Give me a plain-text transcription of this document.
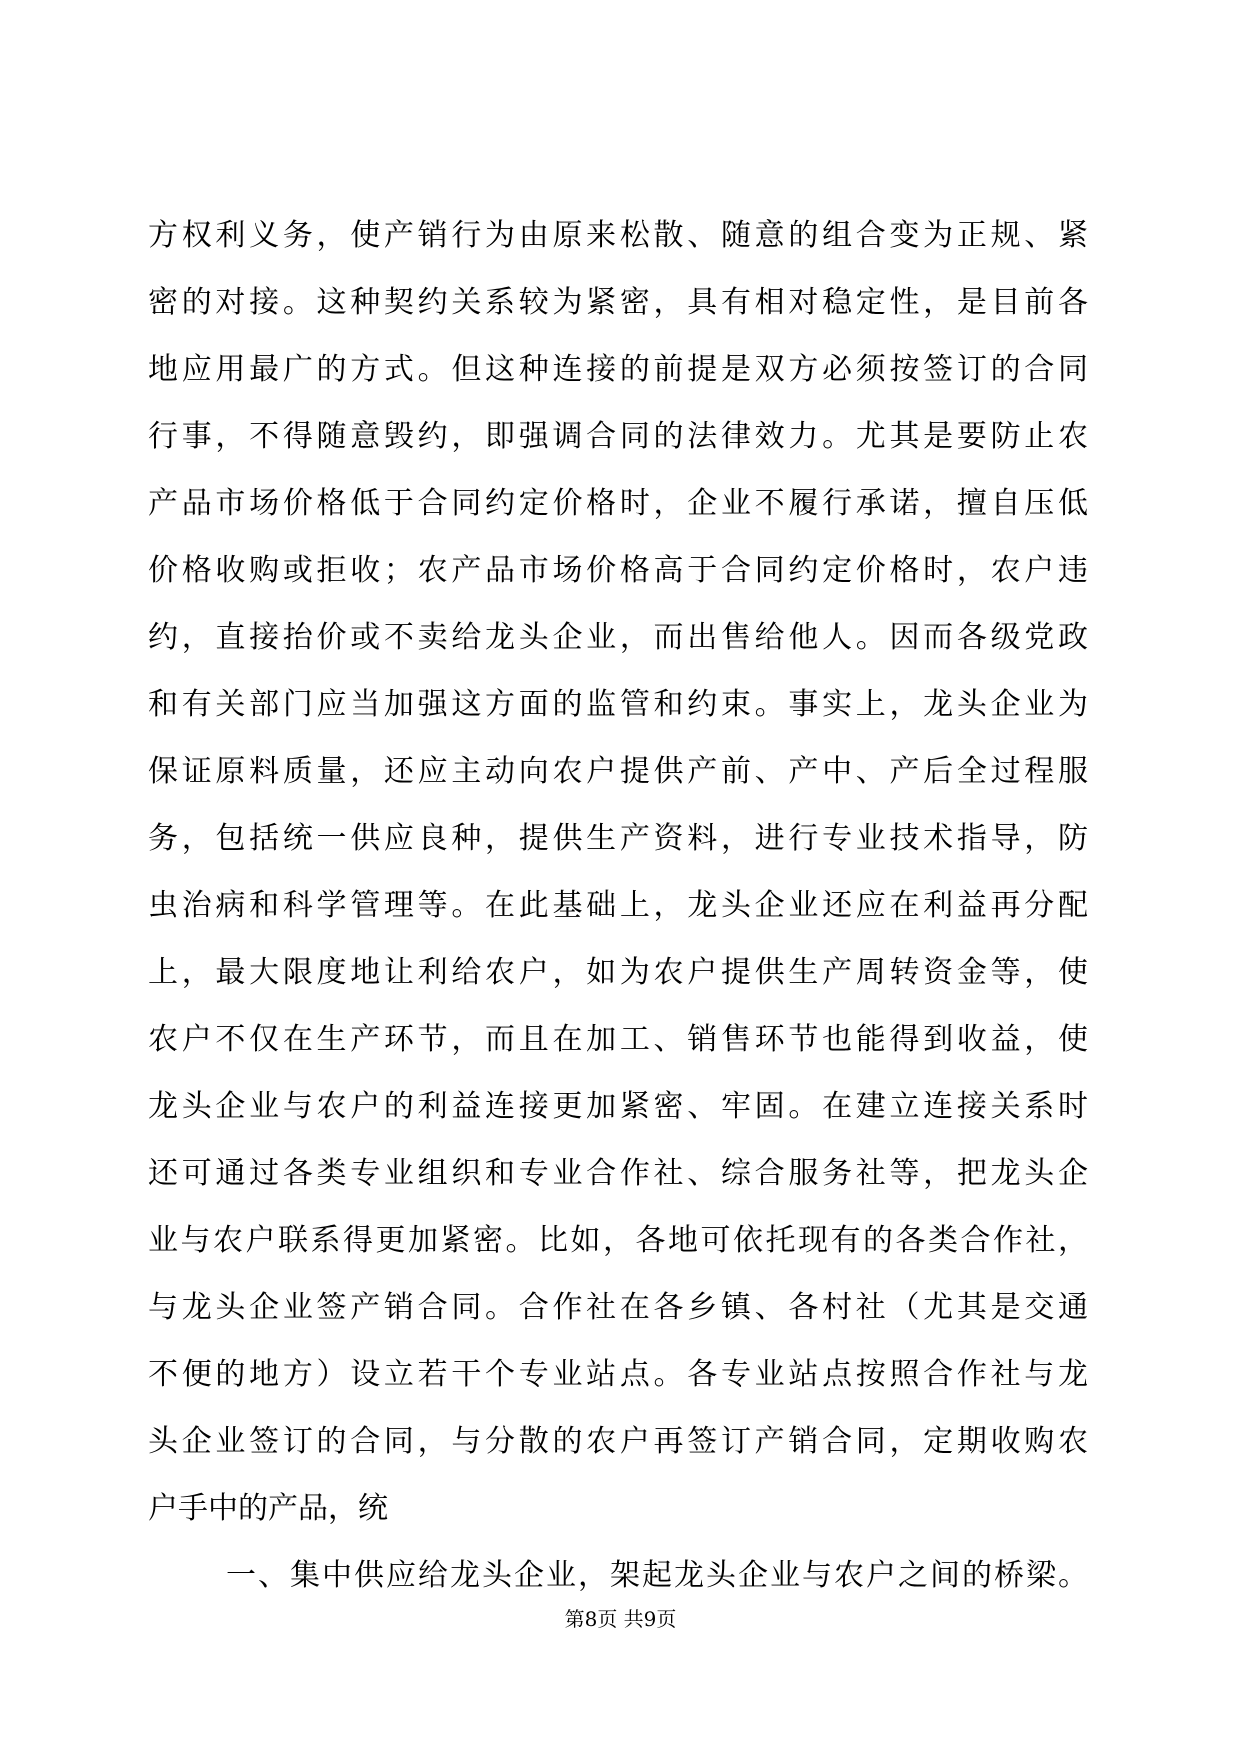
方权利义务，使产销行为由原来松散、随意的组合变为正规、紧
密的对接。这种契约关系较为紧密，具有相对稳定性，是目前各
地应用最广的方式。但这种连接的前提是双方必须按签订的合同
行事，不得随意毁约，即强调合同的法律效力。尤其是要防止农
产品市场价格低于合同约定价格时，企业不履行承诺，擅自压低
价格收购或拒收；农产品市场价格高于合同约定价格时，农户违
约，直接抬价或不卖给龙头企业，而出售给他人。因而各级党政
和有关部门应当加强这方面的监管和约束。事实上，龙头企业为
保证原料质量，还应主动向农户提供产前、产中、产后全过程服
务，包括统一供应良种，提供生产资料，进行专业技术指导，防
虫治病和科学管理等。在此基础上，龙头企业还应在利益再分配
上，最大限度地让利给农户，如为农户提供生产周转资金等，使
农户不仅在生产环节，而且在加工、销售环节也能得到收益，使
龙头企业与农户的利益连接更加紧密、牢固。在建立连接关系时
还可通过各类专业组织和专业合作社、综合服务社等，把龙头企
业与农户联系得更加紧密。比如，各地可依托现有的各类合作社，
与龙头企业签产销合同。合作社在各乡镇、各村社（尤其是交通
不便的地方）设立若干个专业站点。各专业站点按照合作社与龙
头企业签订的合同，与分散的农户再签订产销合同，定期收购农
户手中的产品，统
一、集中供应给龙头企业，架起龙头企业与农户之间的桥梁。
第8页 共9页
